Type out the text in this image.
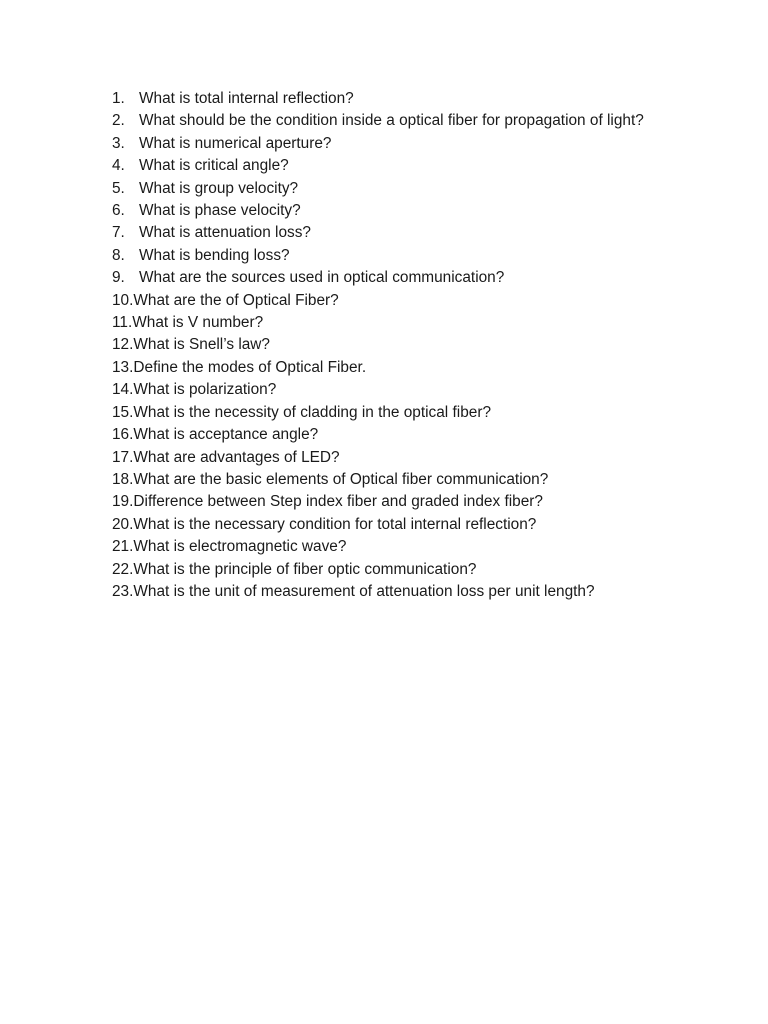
1. What is total internal reflection?
2. What should be the condition inside a optical fiber for propagation of light?
3. What is numerical aperture?
4. What is critical angle?
5. What is group velocity?
6. What is phase velocity?
7. What is attenuation loss?
8. What is bending loss?
9. What are the sources used in optical communication?
10. What are the of Optical Fiber?
11. What is V number?
12. What is Snell’s law?
13. Define the modes of Optical Fiber.
14. What is polarization?
15. What is the necessity of cladding in the optical fiber?
16. What is acceptance angle?
17. What are advantages of LED?
18. What are the basic elements of Optical fiber communication?
19. Difference between Step index fiber and graded index fiber?
20. What is the necessary condition for total internal reflection?
21. What is electromagnetic wave?
22. What is the principle of fiber optic communication?
23. What is the unit of measurement of attenuation loss per unit length?
